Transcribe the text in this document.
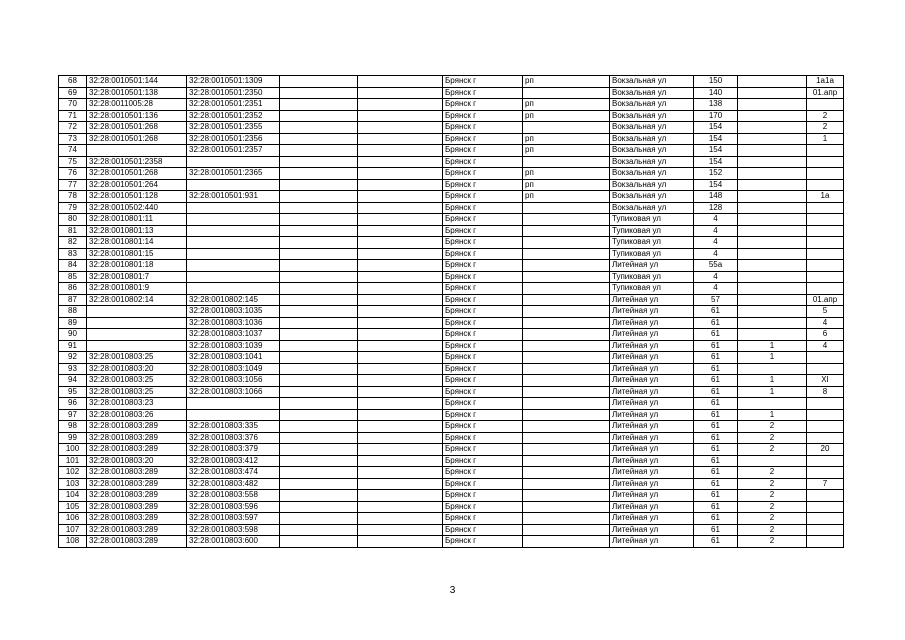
68	32:28:0010501:144	32:28:0010501:1309			Брянск г	рп	Вокзальная ул	150		1а1а
69	32:28:0010501:138	32:28:0010501:2350			Брянск г		Вокзальная ул	140		01.апр
70	32:28:0011005:28	32:28:0010501:2351			Брянск г	рп	Вокзальная ул	138		
71	32:28:0010501:136	32:28:0010501:2352			Брянск г	рп	Вокзальная ул	170		2
72	32:28:0010501:268	32:28:0010501:2355			Брянск г		Вокзальная ул	154		2
73	32:28:0010501:268	32:28:0010501:2356			Брянск г	рп	Вокзальная ул	154		1
74		32:28:0010501:2357			Брянск г	рп	Вокзальная ул	154		
75	32:28:0010501:2358				Брянск г		Вокзальная ул	154		
76	32:28:0010501:268	32:28:0010501:2365			Брянск г	рп	Вокзальная ул	152		
77	32:28:0010501:264				Брянск г	рп	Вокзальная ул	154		
78	32:28:0010501:128	32:28:0010501:931			Брянск г	рп	Вокзальная ул	148		1а
79	32:28:0010502:440				Брянск г		Вокзальная ул	128		
80	32:28:0010801:11				Брянск г		Тупиковая ул	4		
81	32:28:0010801:13				Брянск г		Тупиковая ул	4		
82	32:28:0010801:14				Брянск г		Тупиковая ул	4		
83	32:28:0010801:15				Брянск г		Тупиковая ул	4		
84	32:28:0010801:18				Брянск г		Литейная ул	55а		
85	32:28:0010801:7				Брянск г		Тупиковая ул	4		
86	32:28:0010801:9				Брянск г		Тупиковая ул	4		
87	32:28:0010802:14	32:28:0010802:145			Брянск г		Литейная ул	57		01.апр
88		32:28:0010803:1035			Брянск г		Литейная ул	61		5
89		32:28:0010803:1036			Брянск г		Литейная ул	61		4
90		32:28:0010803:1037			Брянск г		Литейная ул	61		6
91		32:28:0010803:1039			Брянск г		Литейная ул	61	1	4
92	32:28:0010803:25	32:28:0010803:1041			Брянск г		Литейная ул	61	1	
93	32:28:0010803:20	32:28:0010803:1049			Брянск г		Литейная ул	61		
94	32:28:0010803:25	32:28:0010803:1056			Брянск г		Литейная ул	61	1	XI
95	32:28:0010803:25	32:28:0010803:1066			Брянск г		Литейная ул	61	1	8
96	32:28:0010803:23				Брянск г		Литейная ул	61		
97	32:28:0010803:26				Брянск г		Литейная ул	61	1	
98	32:28:0010803:289	32:28:0010803:335			Брянск г		Литейная ул	61	2	
99	32:28:0010803:289	32:28:0010803:376			Брянск г		Литейная ул	61	2	
100	32:28:0010803:289	32:28:0010803:379			Брянск г		Литейная ул	61	2	20
101	32:28:0010803:20	32:28:0010803:412			Брянск г		Литейная ул	61		
102	32:28:0010803:289	32:28:0010803:474			Брянск г		Литейная ул	61	2	
103	32:28:0010803:289	32:28:0010803:482			Брянск г		Литейная ул	61	2	7
104	32:28:0010803:289	32:28:0010803:558			Брянск г		Литейная ул	61	2	
105	32:28:0010803:289	32:28:0010803:596			Брянск г		Литейная ул	61	2	
106	32:28:0010803:289	32:28:0010803:597			Брянск г		Литейная ул	61	2	
107	32:28:0010803:289	32:28:0010803:598			Брянск г		Литейная ул	61	2	
108	32:28:0010803:289	32:28:0010803:600			Брянск г		Литейная ул	61	2	
3
